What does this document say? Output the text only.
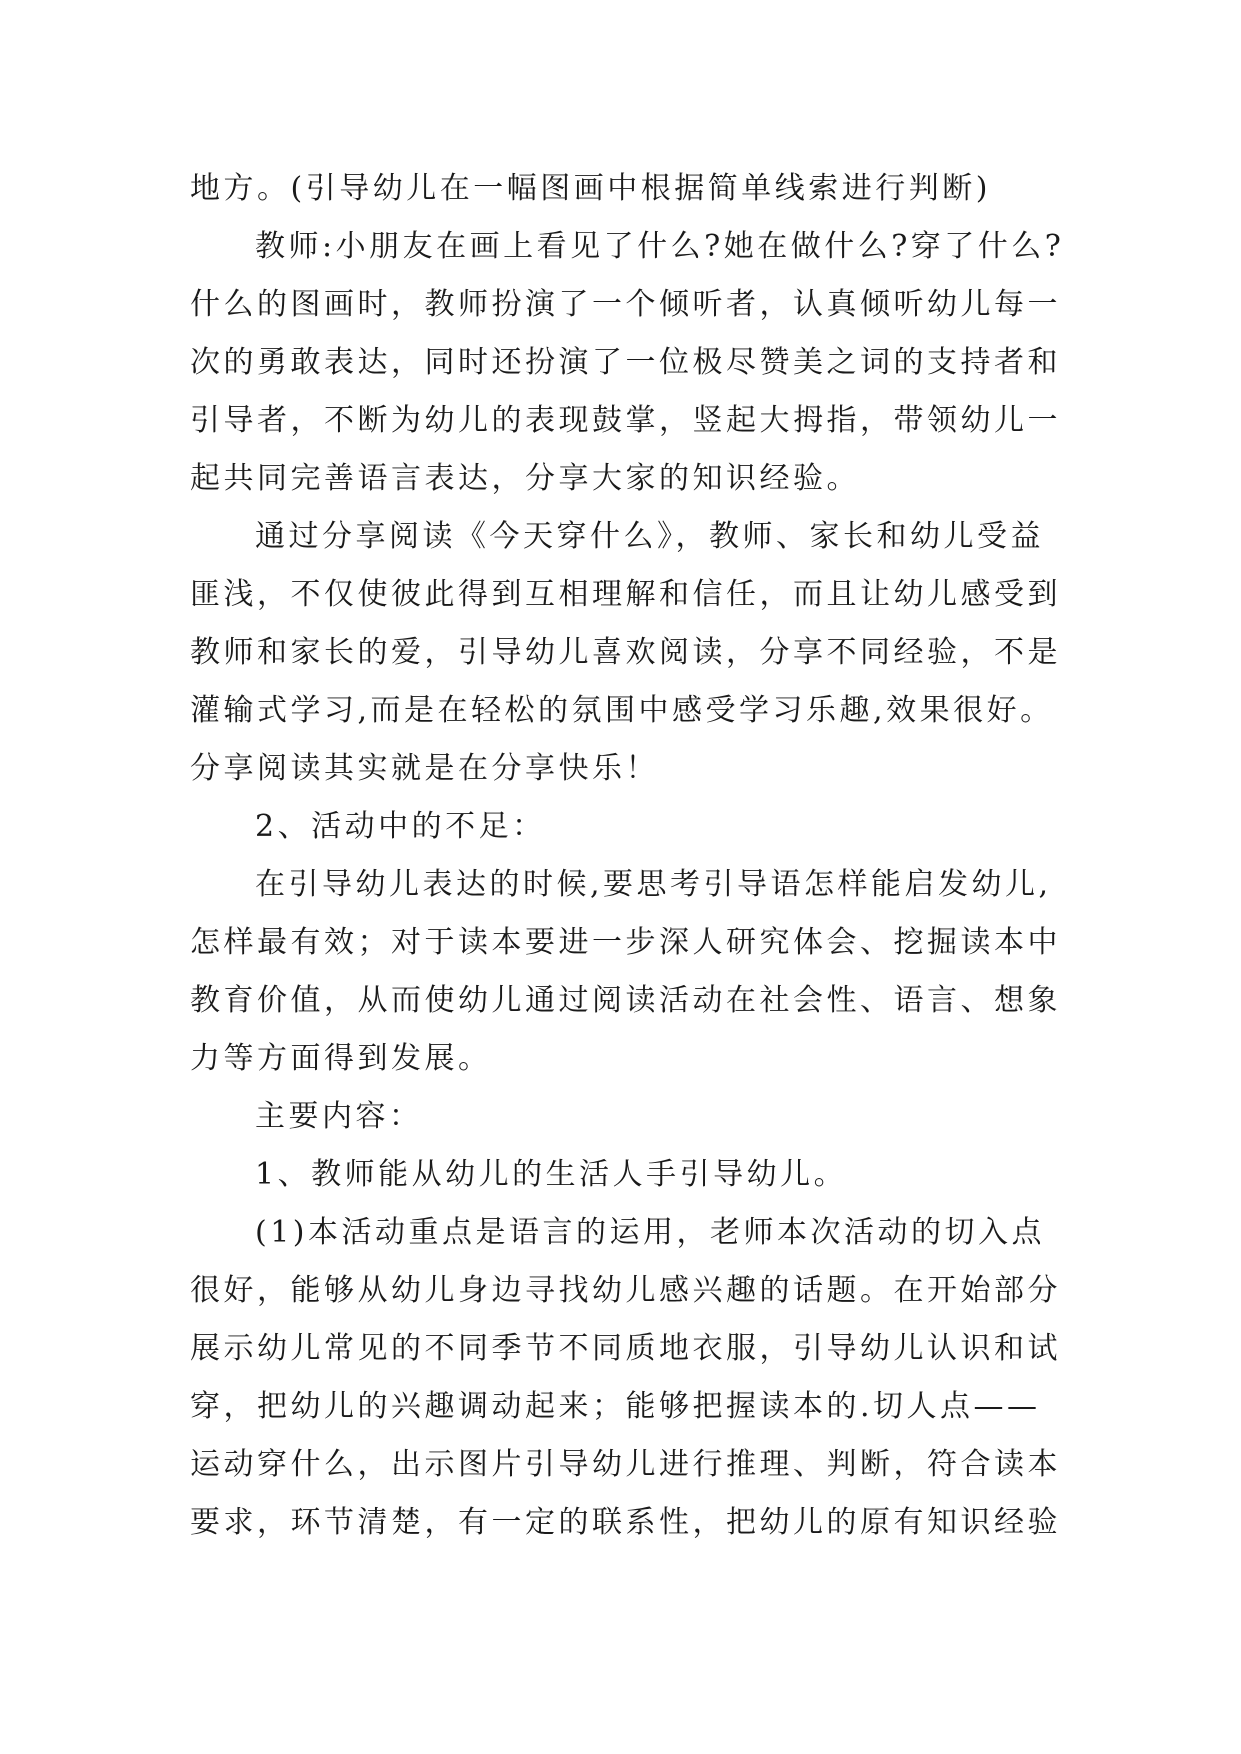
地方。(引导幼儿在一幅图画中根据简单线索进行判断)
教师:小朋友在画上看见了什么?她在做什么?穿了什么?
什么的图画时，教师扮演了一个倾听者，认真倾听幼儿每一
次的勇敢表达，同时还扮演了一位极尽赞美之词的支持者和
引导者，不断为幼儿的表现鼓掌，竖起大拇指，带领幼儿一
起共同完善语言表达，分享大家的知识经验。
通过分享阅读《今天穿什么》，教师、家长和幼儿受益
匪浅，不仅使彼此得到互相理解和信任，而且让幼儿感受到
教师和家长的爱，引导幼儿喜欢阅读，分享不同经验，不是
灌输式学习,而是在轻松的氛围中感受学习乐趣,效果很好。
分享阅读其实就是在分享快乐！
2、活动中的不足：
在引导幼儿表达的时候,要思考引导语怎样能启发幼儿,
怎样最有效；对于读本要进一步深人研究体会、挖掘读本中
教育价值，从而使幼儿通过阅读活动在社会性、语言、想象
力等方面得到发展。
主要内容：
1、教师能从幼儿的生活人手引导幼儿。
(1)本活动重点是语言的运用，老师本次活动的切入点
很好，能够从幼儿身边寻找幼儿感兴趣的话题。在开始部分
展示幼儿常见的不同季节不同质地衣服，引导幼儿认识和试
穿，把幼儿的兴趣调动起来；能够把握读本的.切人点——
运动穿什么，出示图片引导幼儿进行推理、判断，符合读本
要求，环节清楚，有一定的联系性，把幼儿的原有知识经验
